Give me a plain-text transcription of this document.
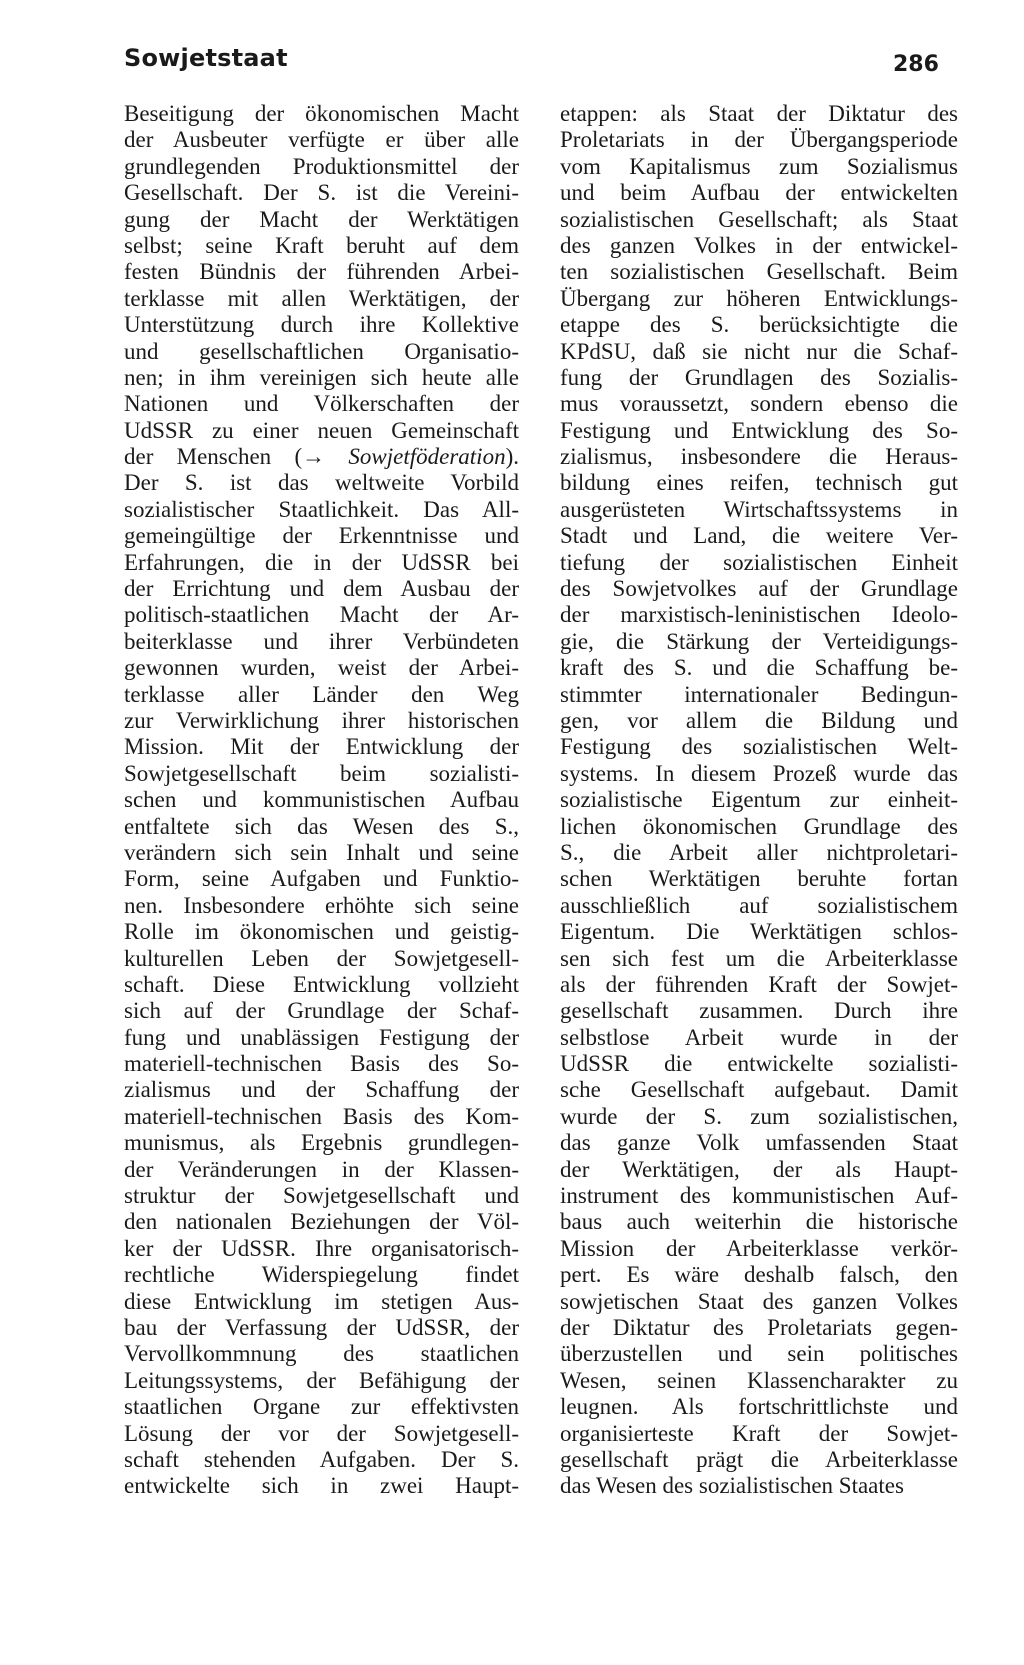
Sowjetstaat	286
Beseitigung der ökonomischen Macht
der Ausbeuter verfügte er über alle
grundlegenden Produktionsmittel der
Gesellschaft. Der S. ist die Vereini-
gung der Macht der Werktätigen
selbst; seine Kraft beruht auf dem
festen Bündnis der führenden Arbei-
terklasse mit allen Werktätigen, der
Unterstützung durch ihre Kollektive
und gesellschaftlichen Organisatio-
nen; in ihm vereinigen sich heute alle
Nationen und Völkerschaften der
UdSSR zu einer neuen Gemeinschaft
der Menschen (→ Sowjetföderation).
Der S. ist das weltweite Vorbild
sozialistischer Staatlichkeit. Das All-
gemeingültige der Erkenntnisse und
Erfahrungen, die in der UdSSR bei
der Errichtung und dem Ausbau der
politisch-staatlichen Macht der Ar-
beiterklasse und ihrer Verbündeten
gewonnen wurden, weist der Arbei-
terklasse aller Länder den Weg
zur Verwirklichung ihrer historischen
Mission. Mit der Entwicklung der
Sowjetgesellschaft beim sozialisti-
schen und kommunistischen Aufbau
entfaltete sich das Wesen des S.,
verändern sich sein Inhalt und seine
Form, seine Aufgaben und Funktio-
nen. Insbesondere erhöhte sich seine
Rolle im ökonomischen und geistig-
kulturellen Leben der Sowjetgesell-
schaft. Diese Entwicklung vollzieht
sich auf der Grundlage der Schaf-
fung und unablässigen Festigung der
materiell-technischen Basis des So-
zialismus und der Schaffung der
materiell-technischen Basis des Kom-
munismus, als Ergebnis grundlegen-
der Veränderungen in der Klassen-
struktur der Sowjetgesellschaft und
den nationalen Beziehungen der Völ-
ker der UdSSR. Ihre organisatorisch-
rechtliche Widerspiegelung findet
diese Entwicklung im stetigen Aus-
bau der Verfassung der UdSSR, der
Vervollkommnung des staatlichen
Leitungssystems, der Befähigung der
staatlichen Organe zur effektivsten
Lösung der vor der Sowjetgesell-
schaft stehenden Aufgaben. Der S.
entwickelte sich in zwei Haupt-
etappen: als Staat der Diktatur des
Proletariats in der Übergangsperiode
vom Kapitalismus zum Sozialismus
und beim Aufbau der entwickelten
sozialistischen Gesellschaft; als Staat
des ganzen Volkes in der entwickel-
ten sozialistischen Gesellschaft. Beim
Übergang zur höheren Entwicklungs-
etappe des S. berücksichtigte die
KPdSU, daß sie nicht nur die Schaf-
fung der Grundlagen des Sozialis-
mus voraussetzt, sondern ebenso die
Festigung und Entwicklung des So-
zialismus, insbesondere die Heraus-
bildung eines reifen, technisch gut
ausgerüsteten Wirtschaftssystems in
Stadt und Land, die weitere Ver-
tiefung der sozialistischen Einheit
des Sowjetvolkes auf der Grundlage
der marxistisch-leninistischen Ideolo-
gie, die Stärkung der Verteidigungs-
kraft des S. und die Schaffung be-
stimmter internationaler Bedingun-
gen, vor allem die Bildung und
Festigung des sozialistischen Welt-
systems. In diesem Prozeß wurde das
sozialistische Eigentum zur einheit-
lichen ökonomischen Grundlage des
S., die Arbeit aller nichtproletari-
schen Werktätigen beruhte fortan
ausschließlich auf sozialistischem
Eigentum. Die Werktätigen schlos-
sen sich fest um die Arbeiterklasse
als der führenden Kraft der Sowjet-
gesellschaft zusammen. Durch ihre
selbstlose Arbeit wurde in der
UdSSR die entwickelte sozialisti-
sche Gesellschaft aufgebaut. Damit
wurde der S. zum sozialistischen,
das ganze Volk umfassenden Staat
der Werktätigen, der als Haupt-
instrument des kommunistischen Auf-
baus auch weiterhin die historische
Mission der Arbeiterklasse verkör-
pert. Es wäre deshalb falsch, den
sowjetischen Staat des ganzen Volkes
der Diktatur des Proletariats gegen-
überzustellen und sein politisches
Wesen, seinen Klassencharakter zu
leugnen. Als fortschrittlichste und
organisierteste Kraft der Sowjet-
gesellschaft prägt die Arbeiterklasse
das Wesen des sozialistischen Staates
